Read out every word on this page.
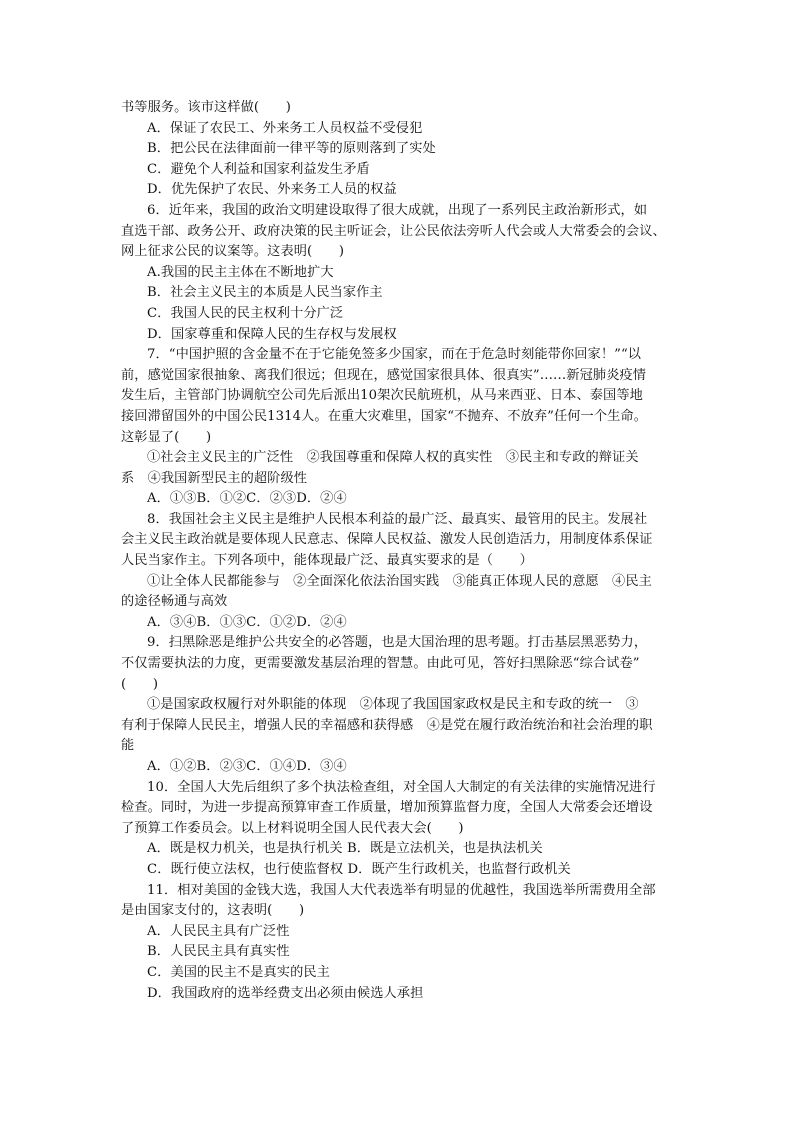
书等服务。该市这样做(　　)
A．保证了农民工、外来务工人员权益不受侵犯
B．把公民在法律面前一律平等的原则落到了实处
C．避免个人利益和国家利益发生矛盾
D．优先保护了农民、外来务工人员的权益
6．近年来，我国的政治文明建设取得了很大成就，出现了一系列民主政治新形式，如
直选干部、政务公开、政府决策的民主听证会，让公民依法旁听人代会或人大常委会的会议、
网上征求公民的议案等。这表明(　　)
A.我国的民主主体在不断地扩大
B．社会主义民主的本质是人民当家作主
C．我国人民的民主权利十分广泛
D．国家尊重和保障人民的生存权与发展权
7．“中国护照的含金量不在于它能免签多少国家，而在于危急时刻能带你回家！”“以
前，感觉国家很抽象、离我们很远；但现在，感觉国家很具体、很真实”……新冠肺炎疫情
发生后，主管部门协调航空公司先后派出10架次民航班机，从马来西亚、日本、泰国等地
接回滞留国外的中国公民1314人。在重大灾难里，国家“不抛弃、不放弃”任何一个生命。
这彰显了(　　)
①社会主义民主的广泛性　②我国尊重和保障人权的真实性　③民主和专政的辩证关
系　④我国新型民主的超阶级性
A．①③B．①②C．②③D．②④
8．我国社会主义民主是维护人民根本利益的最广泛、最真实、最管用的民主。发展社
会主义民主政治就是要体现人民意志、保障人民权益、激发人民创造活力，用制度体系保证
人民当家作主。下列各项中，能体现最广泛、最真实要求的是（　　）
①让全体人民都能参与　②全面深化依法治国实践　③能真正体现人民的意愿　④民主
的途径畅通与高效
A．③④B．①③C．①②D．②④
9．扫黑除恶是维护公共安全的必答题，也是大国治理的思考题。打击基层黑恶势力，
不仅需要执法的力度，更需要激发基层治理的智慧。由此可见，答好扫黑除恶“综合试卷”
(　　)
①是国家政权履行对外职能的体现　②体现了我国国家政权是民主和专政的统一　③
有利于保障人民民主，增强人民的幸福感和获得感　④是党在履行政治统治和社会治理的职
能
A．①②B．②③C．①④D．③④
10．全国人大先后组织了多个执法检查组，对全国人大制定的有关法律的实施情况进行
检查。同时，为进一步提高预算审查工作质量，增加预算监督力度，全国人大常委会还增设
了预算工作委员会。以上材料说明全国人民代表大会(　　)
A．既是权力机关，也是执行机关 B．既是立法机关，也是执法机关
C．既行使立法权，也行使监督权 D．既产生行政机关，也监督行政机关
11．相对美国的金钱大选，我国人大代表选举有明显的优越性，我国选举所需费用全部
是由国家支付的，这表明(　　)
A．人民民主具有广泛性
B．人民民主具有真实性
C．美国的民主不是真实的民主
D．我国政府的选举经费支出必须由候选人承担
